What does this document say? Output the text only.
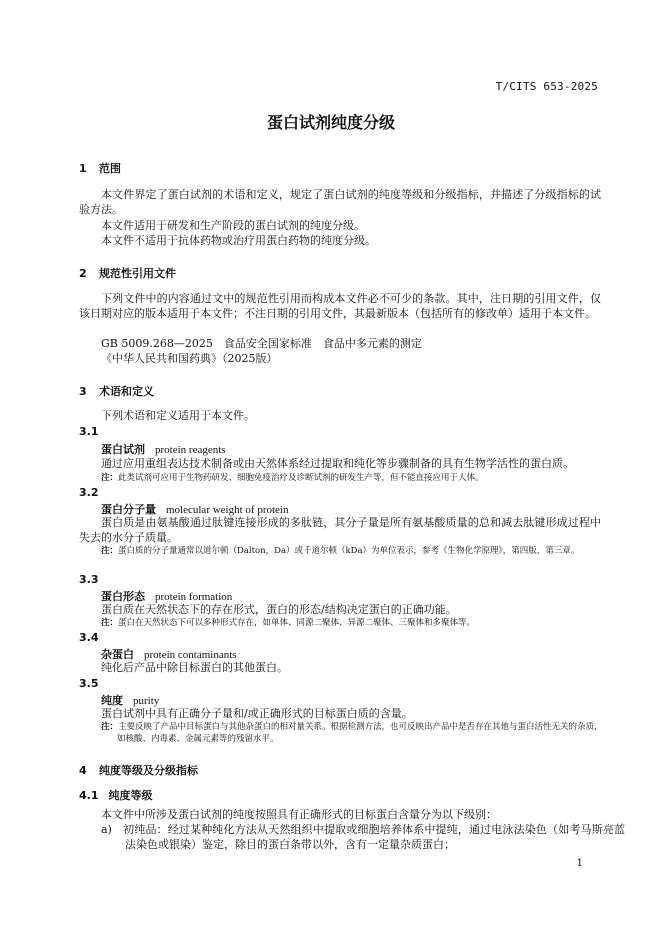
T/CITS 653-2025
蛋白试剂纯度分级
1 范围
本文件界定了蛋白试剂的术语和定义，规定了蛋白试剂的纯度等级和分级指标，并描述了分级指标的试验方法。
本文件适用于研发和生产阶段的蛋白试剂的纯度分级。
本文件不适用于抗体药物或治疗用蛋白药物的纯度分级。
2 规范性引用文件
下列文件中的内容通过文中的规范性引用而构成本文件必不可少的条款。其中，注日期的引用文件，仅该日期对应的版本适用于本文件；不注日期的引用文件，其最新版本（包括所有的修改单）适用于本文件。
GB 5009.268—2025　食品安全国家标准　食品中多元素的测定
《中华人民共和国药典》（2025版）
3 术语和定义
下列术语和定义适用于本文件。
3.1
蛋白试剂 protein reagents
通过应用重组表达技术制备或由天然体系经过提取和纯化等步骤制备的具有生物学活性的蛋白质。
注：此类试剂可应用于生物药研发、细胞免疫治疗及诊断试剂的研发生产等，但不能直接应用于人体。
3.2
蛋白分子量 molecular weight of protein
蛋白质是由氨基酸通过肽键连接形成的多肽链，其分子量是所有氨基酸质量的总和减去肽键形成过程中失去的水分子质量。
注：蛋白质的分子量通常以道尔顿（Dalton，Da）或千道尔顿（kDa）为单位表示，参考《生物化学原理》，第四版，第三章。
3.3
蛋白形态 protein formation
蛋白质在天然状态下的存在形式，蛋白的形态/结构决定蛋白的正确功能。
注：蛋白在天然状态下可以多种形式存在，如单体、同源二聚体、异源二聚体、三聚体和多聚体等。
3.4
杂蛋白 protein contaminants
纯化后产品中除目标蛋白的其他蛋白。
3.5
纯度 purity
蛋白试剂中具有正确分子量和/或正确形式的目标蛋白质的含量。
注：主要反映了产品中目标蛋白与其他杂蛋白的相对量关系。根据检测方法，也可反映出产品中是否存在其他与蛋白活性无关的杂质，如核酸、内毒素、金属元素等的残留水平。
4 纯度等级及分级指标
4.1 纯度等级
本文件中所涉及蛋白试剂的纯度按照具有正确形式的目标蛋白含量分为以下级别：
a)　初纯品：经过某种纯化方法从天然组织中提取或细胞培养体系中提纯，通过电泳法染色（如考马斯亮蓝法染色或银染）鉴定，除目的蛋白条带以外，含有一定量杂质蛋白；
1
